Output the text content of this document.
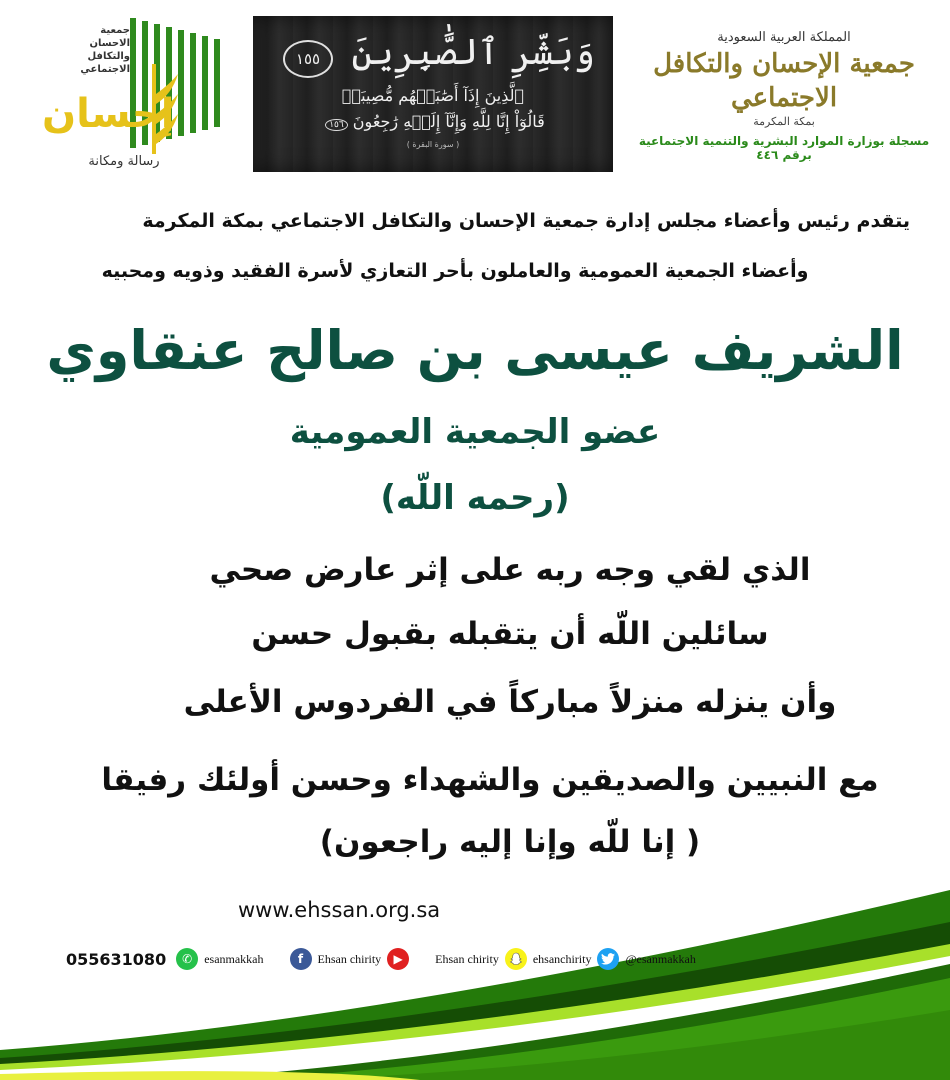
جمعية
الاحسان
والتكافل
الاجتماعي
إحسان
رسالة ومكانة
وَبَشِّرِ ٱلصَّٰبِرِينَ
١٥٥
ٱلَّذِينَ إِذَآ أَصَٰبَتۡهُم مُّصِيبَةٞ
قَالُوٓاْ إِنَّا لِلَّهِ وَإِنَّآ إِلَيۡهِ رَٰجِعُونَ ١٥٦
( سورة البقرة )
المملكة العربية السعودية
جمعية الإحسان والتكافل الاجتماعي
بمكة المكرمة
مسجلة بوزارة الموارد البشرية والتنمية الاجتماعية برقم ٤٤٦
يتقدم رئيس وأعضاء مجلس إدارة جمعية الإحسان والتكافل الاجتماعي بمكة المكرمة
وأعضاء الجمعية العمومية والعاملون بأحر التعازي لأسرة الفقيد وذويه ومحبيه
الشريف عيسى بن صالح عنقاوي
عضو الجمعية العمومية
(رحمه اللّه)
الذي لقي وجه ربه على إثر عارض صحي
سائلين اللّه أن يتقبله بقبول حسن
وأن ينزله منزلاً مباركاً في الفردوس الأعلى
مع النبيين والصديقين والشهداء وحسن أولئك رفيقا
( إنا للّه وإنا إليه راجعون)
www.ehssan.org.sa
055631080	✆ esanmakkah	f	Ehsan chirity	▶	Ehsan chirity	ehsanchirity	@esanmakkah
